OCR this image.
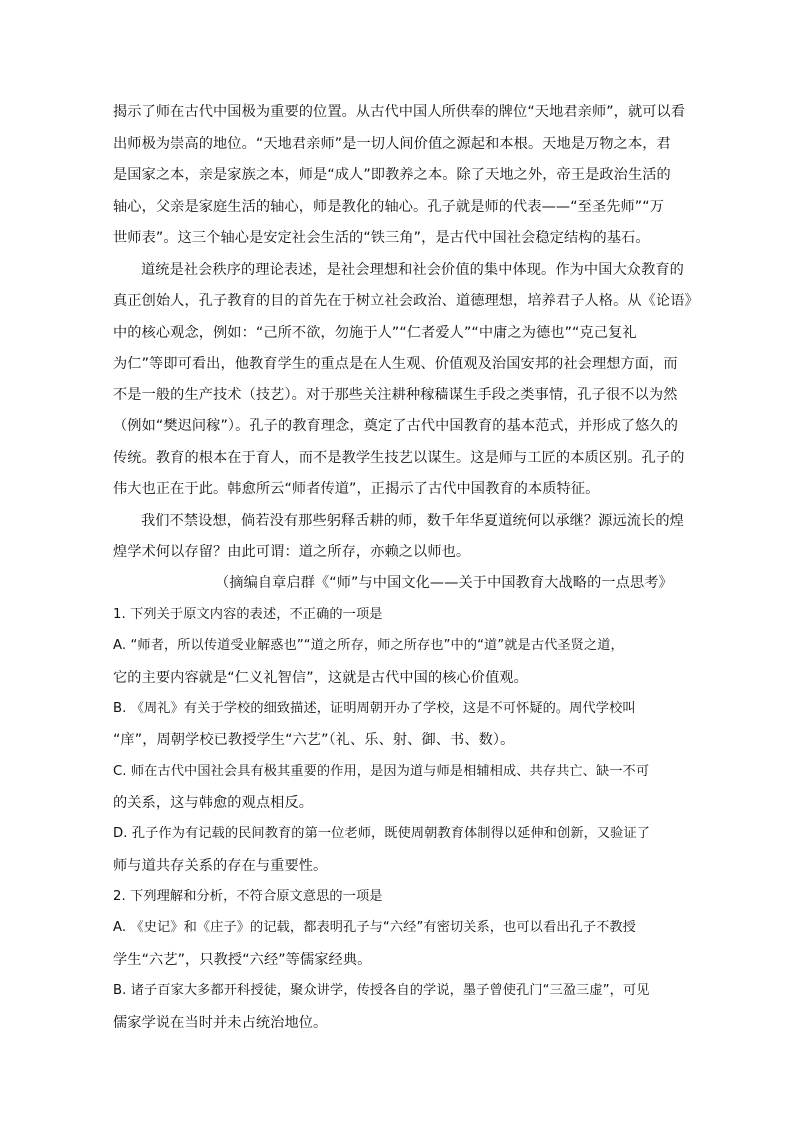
揭示了师在古代中国极为重要的位置。从古代中国人所供奉的牌位“天地君亲师”，就可以看
出师极为崇高的地位。“天地君亲师”是一切人间价值之源起和本根。天地是万物之本，君
是国家之本，亲是家族之本，师是“成人”即教养之本。除了天地之外，帝王是政治生活的
轴心，父亲是家庭生活的轴心，师是教化的轴心。孔子就是师的代表——“至圣先师”“万
世师表”。这三个轴心是安定社会生活的“铁三角”，是古代中国社会稳定结构的基石。
道统是社会秩序的理论表述，是社会理想和社会价值的集中体现。作为中国大众教育的
真正创始人，孔子教育的目的首先在于树立社会政治、道德理想，培养君子人格。从《论语》
中的核心观念，例如：“己所不欲，勿施于人”“仁者爱人”“中庸之为德也”“克己复礼
为仁”等即可看出，他教育学生的重点是在人生观、价值观及治国安邦的社会理想方面，而
不是一般的生产技术（技艺）。对于那些关注耕种稼穑谋生手段之类事情，孔子很不以为然
（例如“樊迟问稼”）。孔子的教育理念，奠定了古代中国教育的基本范式，并形成了悠久的
传统。教育的根本在于育人，而不是教学生技艺以谋生。这是师与工匠的本质区别。孔子的
伟大也正在于此。韩愈所云“师者传道”，正揭示了古代中国教育的本质特征。
我们不禁设想，倘若没有那些躬释舌耕的师，数千年华夏道统何以承继？源远流长的煌
煌学术何以存留？由此可谓：道之所存，亦赖之以师也。
（摘编自章启群《“师”与中国文化——关于中国教育大战略的一点思考》
1. 下列关于原文内容的表述，不正确的一项是
A. “师者，所以传道受业解惑也”“道之所存，师之所存也”中的“道”就是古代圣贤之道，
它的主要内容就是“仁义礼智信”，这就是古代中国的核心价值观。
B. 《周礼》有关于学校的细致描述，证明周朝开办了学校，这是不可怀疑的。周代学校叫
“庠”，周朝学校已教授学生“六艺”（礼、乐、射、御、书、数）。
C. 师在古代中国社会具有极其重要的作用，是因为道与师是相辅相成、共存共亡、缺一不可
的关系，这与韩愈的观点相反。
D. 孔子作为有记载的民间教育的第一位老师，既使周朝教育体制得以延伸和创新，又验证了
师与道共存关系的存在与重要性。
2. 下列理解和分析，不符合原文意思的一项是
A. 《史记》和《庄子》的记载，都表明孔子与“六经”有密切关系，也可以看出孔子不教授
学生“六艺”，只教授“六经”等儒家经典。
B. 诸子百家大多都开科授徒，聚众讲学，传授各自的学说，墨子曾使孔门“三盈三虚”，可见
儒家学说在当时并未占统治地位。
